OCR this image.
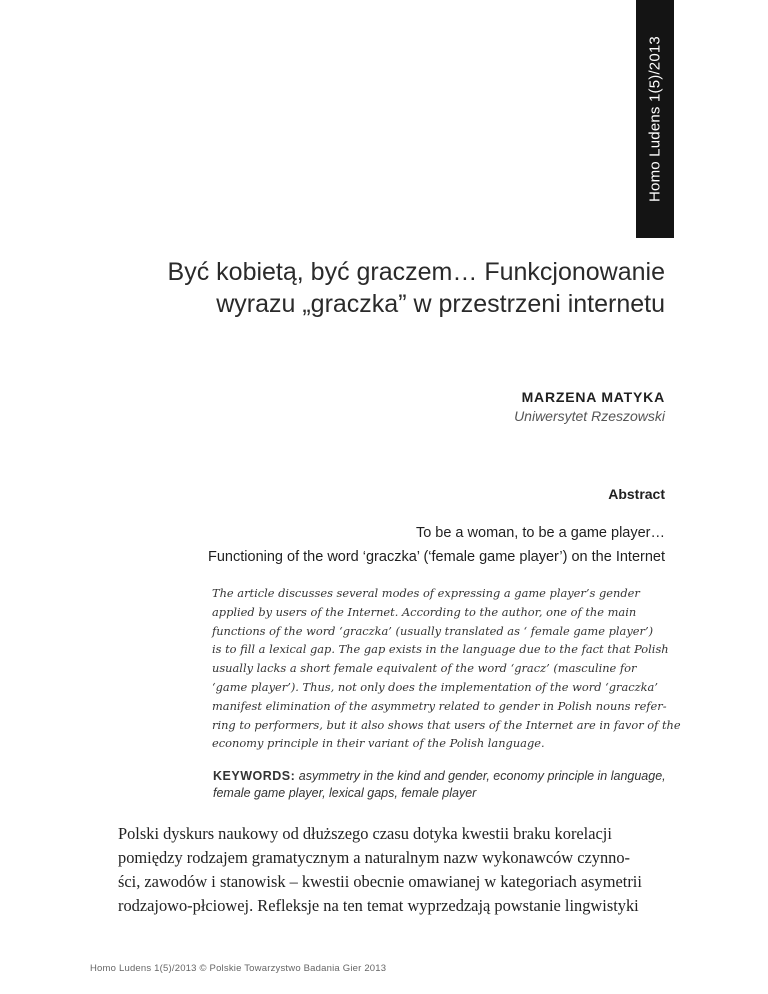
Homo Ludens 1(5)/2013
Być kobietą, być graczem… Funkcjonowanie
wyrazu „graczka” w przestrzeni internetu
MARZENA MATYKA
Uniwersytet Rzeszowski
Abstract
To be a woman, to be a game player…
Functioning of the word ‘graczka’ (‘female game player’) on the Internet
The article discusses several modes of expressing a game player’s gender
applied by users of the Internet. According to the author, one of the main
functions of the word ‘graczka’ (usually translated as ‘ female game player’)
is to fill a lexical gap. The gap exists in the language due to the fact that Polish
usually lacks a short female equivalent of the word ‘gracz’ (masculine for
‘game player’). Thus, not only does the implementation of the word ‘graczka’
manifest elimination of the asymmetry related to gender in Polish nouns refer-
ring to performers, but it also shows that users of the Internet are in favor of the
economy principle in their variant of the Polish language.
KEYWORDS: asymmetry in the kind and gender, economy principle in language, female game player, lexical gaps, female player
Polski dyskurs naukowy od dłuższego czasu dotyka kwestii braku korelacji
pomiędzy rodzajem gramatycznym a naturalnym nazw wykonawców czynno-
ści, zawodów i stanowisk – kwestii obecnie omawianej w kategoriach asymetrii
rodzajowo-płciowej. Refleksje na ten temat wyprzedzają powstanie lingwistyki
Homo Ludens 1(5)/2013 © Polskie Towarzystwo Badania Gier 2013
